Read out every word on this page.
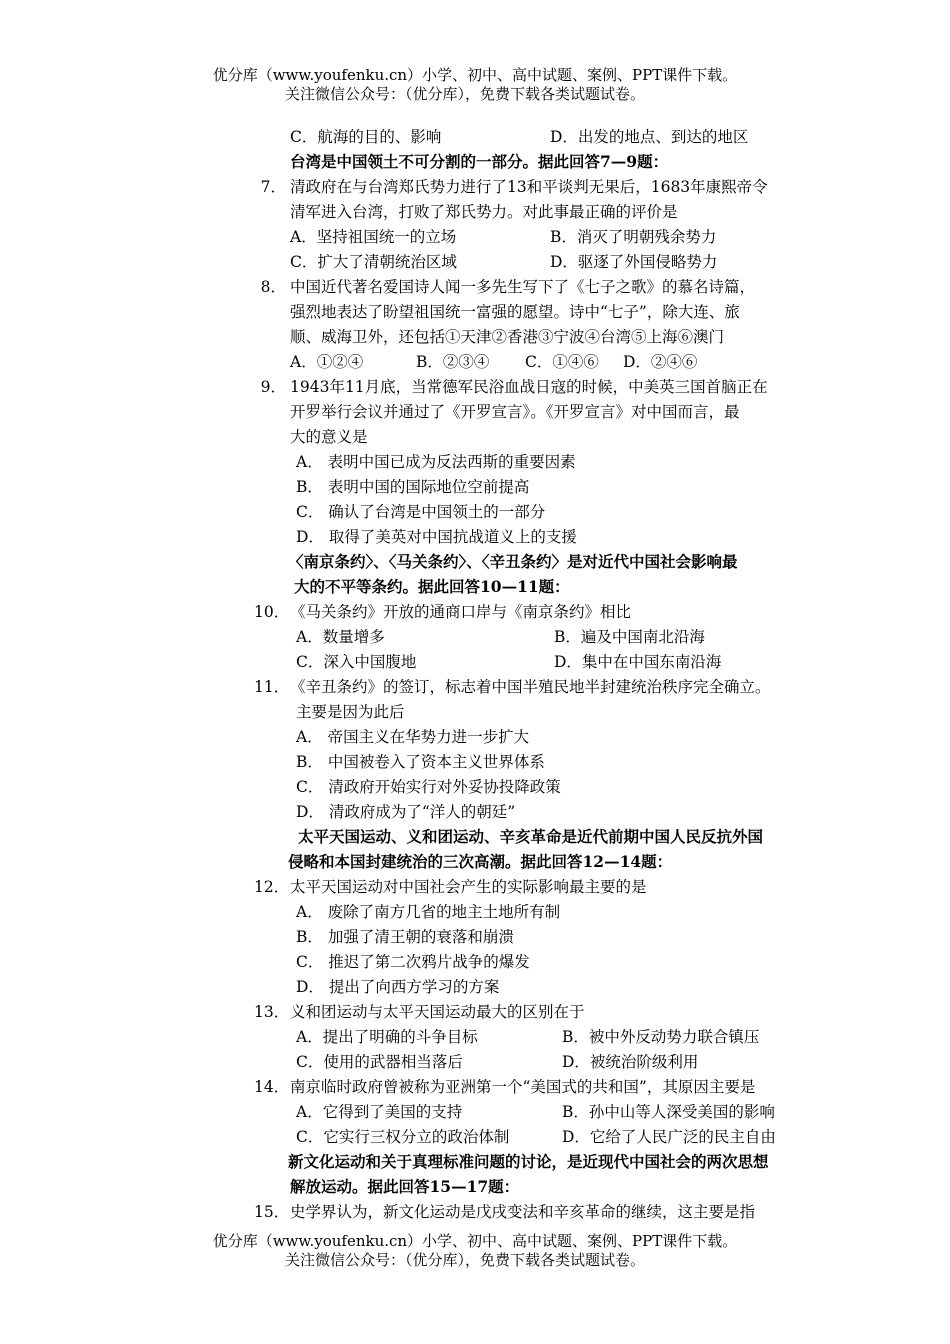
优分库（www.youfenku.cn）小学、初中、高中试题、案例、PPT课件下载。
关注微信公众号：（优分库），免费下载各类试题试卷。
C．航海的目的、影响	D．出发的地点、到达的地区
台湾是中国领土不可分割的一部分。据此回答7—9题：
7． 清政府在与台湾郑氏势力进行了13和平谈判无果后，1683年康熙帝令
清军进入台湾，打败了郑氏势力。对此事最正确的评价是
A．坚持祖国统一的立场	B．消灭了明朝残余势力
C．扩大了清朝统治区域	D．驱逐了外国侵略势力
8． 中国近代著名爱国诗人闻一多先生写下了《七子之歌》的慕名诗篇，
强烈地表达了盼望祖国统一富强的愿望。诗中“七子”，除大连、旅
顺、威海卫外，还包括①天津②香港③宁波④台湾⑤上海⑥澳门
A．①②④	B．②③④ C．①④⑥ D．②④⑥
9． 1943年11月底，当常德军民浴血战日寇的时候，中美英三国首脑正在
开罗举行会议并通过了《开罗宣言》。《开罗宣言》对中国而言，最
大的意义是
A． 表明中国已成为反法西斯的重要因素
B． 表明中国的国际地位空前提高
C． 确认了台湾是中国领土的一部分
D． 取得了美英对中国抗战道义上的支援
〈南京条约〉、〈马关条约〉、〈辛丑条约〉是对近代中国社会影响最
大的不平等条约。据此回答10—11题：
10．《马关条约》开放的通商口岸与《南京条约》相比
A．数量增多	B．遍及中国南北沿海
C．深入中国腹地	D．集中在中国东南沿海
11．《辛丑条约》的签订，标志着中国半殖民地半封建统治秩序完全确立。
主要是因为此后
A． 帝国主义在华势力进一步扩大
B． 中国被卷入了资本主义世界体系
C． 清政府开始实行对外妥协投降政策
D． 清政府成为了“洋人的朝廷”
太平天国运动、义和团运动、辛亥革命是近代前期中国人民反抗外国
侵略和本国封建统治的三次高潮。据此回答12—14题：
12．太平天国运动对中国社会产生的实际影响最主要的是
A． 废除了南方几省的地主土地所有制
B． 加强了清王朝的衰落和崩溃
C． 推迟了第二次鸦片战争的爆发
D． 提出了向西方学习的方案
13．义和团运动与太平天国运动最大的区别在于
A．提出了明确的斗争目标	B．被中外反动势力联合镇压
C．使用的武器相当落后	D．被统治阶级利用
14．南京临时政府曾被称为亚洲第一个“美国式的共和国”，其原因主要是
A．它得到了美国的支持	B．孙中山等人深受美国的影响
C．它实行三权分立的政治体制	D．它给了人民广泛的民主自由
新文化运动和关于真理标准问题的讨论，是近现代中国社会的两次思想
解放运动。据此回答15—17题：
15．史学界认为，新文化运动是戊戌变法和辛亥革命的继续，这主要是指
优分库（www.youfenku.cn）小学、初中、高中试题、案例、PPT课件下载。
关注微信公众号：（优分库），免费下载各类试题试卷。
